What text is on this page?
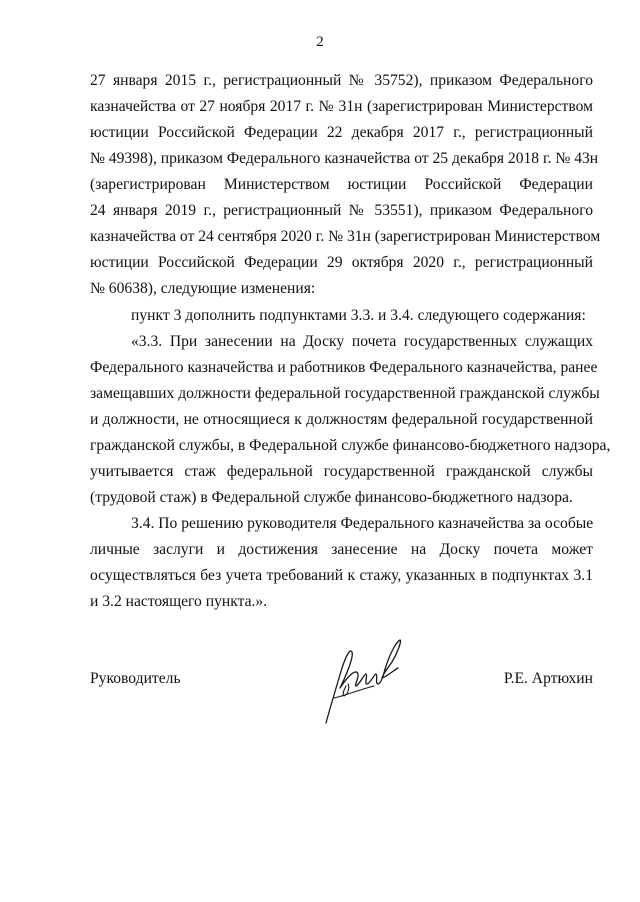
2
27 января 2015 г., регистрационный № 35752), приказом Федерального
казначейства от 27 ноября 2017 г. № 31н (зарегистрирован Министерством
юстиции Российской Федерации 22 декабря 2017 г., регистрационный
№ 49398), приказом Федерального казначейства от 25 декабря 2018 г. № 43н
(зарегистрирован Министерством юстиции Российской Федерации
24 января 2019 г., регистрационный № 53551), приказом Федерального
казначейства от 24 сентября 2020 г. № 31н (зарегистрирован Министерством
юстиции Российской Федерации 29 октября 2020 г., регистрационный
№ 60638), следующие изменения:
пункт 3 дополнить подпунктами 3.3. и 3.4. следующего содержания:
«3.3. При занесении на Доску почета государственных служащих
Федерального казначейства и работников Федерального казначейства, ранее
замещавших должности федеральной государственной гражданской службы
и должности, не относящиеся к должностям федеральной государственной
гражданской службы, в Федеральной службе финансово-бюджетного надзора,
учитывается стаж федеральной государственной гражданской службы
(трудовой стаж) в Федеральной службе финансово-бюджетного надзора.
3.4. По решению руководителя Федерального казначейства за особые
личные заслуги и достижения занесение на Доску почета может
осуществляться без учета требований к стажу, указанных в подпунктах 3.1
и 3.2 настоящего пункта.».
Руководитель	Р.Е. Артюхин
